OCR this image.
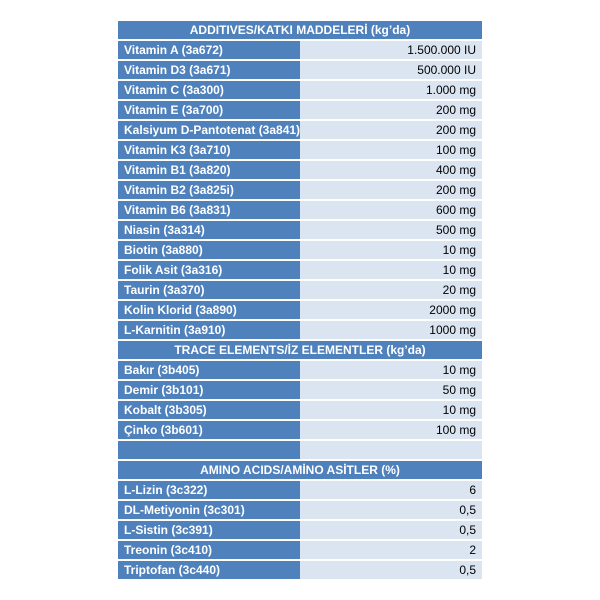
ADDITIVES/KATKI MADDELERİ (kg’da)	
Vitamin A (3a672)	1.500.000 IU
Vitamin D3 (3a671)	500.000 IU
Vitamin C (3a300)	1.000 mg
Vitamin E (3a700)	200 mg
Kalsiyum D-Pantotenat (3a841)	200 mg
Vitamin K3 (3a710)	100 mg
Vitamin B1 (3a820)	400 mg
Vitamin B2 (3a825i)	200 mg
Vitamin B6 (3a831)	600 mg
Niasin (3a314)	500 mg
Biotin (3a880)	10 mg
Folik Asit (3a316)	10 mg
Taurin (3a370)	20 mg
Kolin Klorid (3a890)	2000 mg
L-Karnitin (3a910)	1000 mg
TRACE ELEMENTS/İZ ELEMENTLER (kg’da)	
Bakır (3b405)	10 mg
Demir (3b101)	50 mg
Kobalt (3b305)	10 mg
Çinko (3b601)	100 mg

AMINO ACIDS/AMİNO ASİTLER (%)	
L-Lizin (3c322)	6
DL-Metiyonin (3c301)	0,5
L-Sistin (3c391)	0,5
Treonin (3c410)	2
Triptofan (3c440)	0,5
